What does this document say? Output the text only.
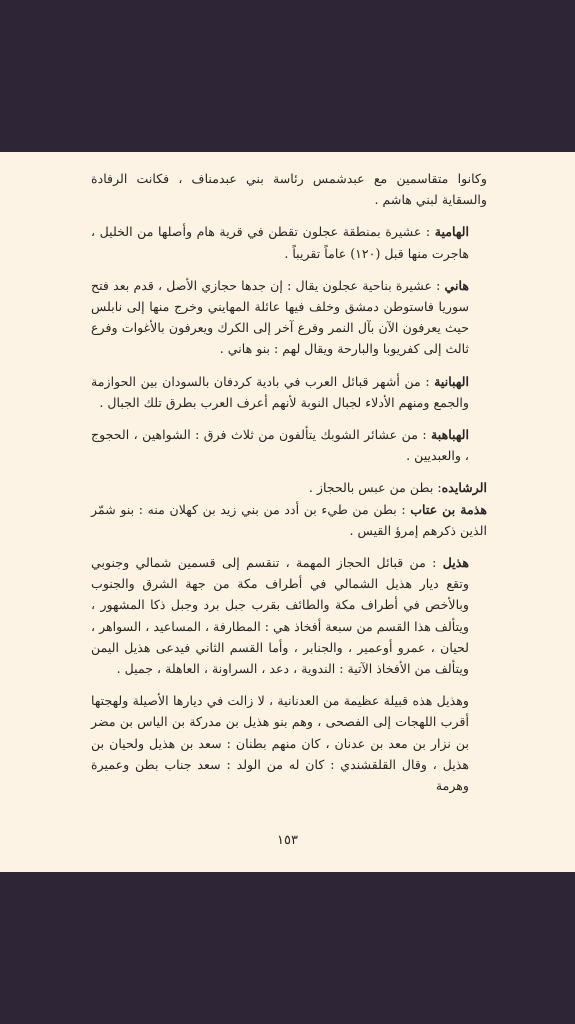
وكانوا متقاسمين مع عبدشمس رئاسة بني عبدمناف ، فكانت الرفادة والسقاية لبني هاشم .

الهامية : عشيرة بمنطقة عجلون تقطن في قرية هام وأصلها من الخليل ، هاجرت منها قبل (١٢٠) عاماً تقريباً .

هاني : عشيرة بناحية عجلون يقال : إن جدها حجازي الأصل ، قدم بعد فتح سوريا فاستوطن دمشق وخلف فيها عائلة المهايني وخرج منها إلى نابلس حيث يعرفون الآن بآل النمر وفرع آخر إلى الكرك ويعرفون بالأغوات وفرع ثالث إلى كفريوبا والبارحة ويقال لهم : بنو هاني .

الهبانية : من أشهر قبائل العرب في بادية كردفان بالسودان بين الحوازمة والجمع ومنهم الأدلاء لجبال النوبة لأنهم أعرف العرب بطرق تلك الجبال .

الهباهبة : من عشائر الشوبك يتألفون من ثلاث فرق : الشواهين ، الحجوج ، والعبديين .

الرشايده: بطن من عبس بالحجاز .

هذمة بن عتاب : بطن من طيء بن أدد من بني زيد بن كهلان منه : بنو شمّر الذين ذكرهم إمرؤ القيس .

هذيل : من قبائل الحجاز المهمة ، تنقسم إلى قسمين شمالي وجنوبي وتقع ديار هذيل الشمالي في أطراف مكة من جهة الشرق والجنوب وبالأخص في أطراف مكة والطائف بقرب جبل برد وجبل ذكا المشهور ، ويتألف هذا القسم من سبعة أفخاذ هي : المطارفة ، المساعيد ، السواهر ، لحيان ، عمرو أوعمير ، والجنابر ، وأما القسم الثاني فيدعى هذيل اليمن ويتألف من الأفخاذ الآتية : الندوية ، دعد ، السراونة ، العاهلة ، جميل .

وهذيل هذه قبيلة عظيمة من العدنانية ، لا زالت في ديارها الأصيلة ولهجتها أقرب اللهجات إلى الفصحى ، وهم بنو هذيل بن مدركة بن الياس بن مضر بن نزار بن معد بن عدنان ، كان منهم بطنان : سعد بن هذيل ولحيان بن هذيل ، وقال القلقشندي : كان له من الولد : سعد جناب بطن وعميرة وهرمة

١٥٣
